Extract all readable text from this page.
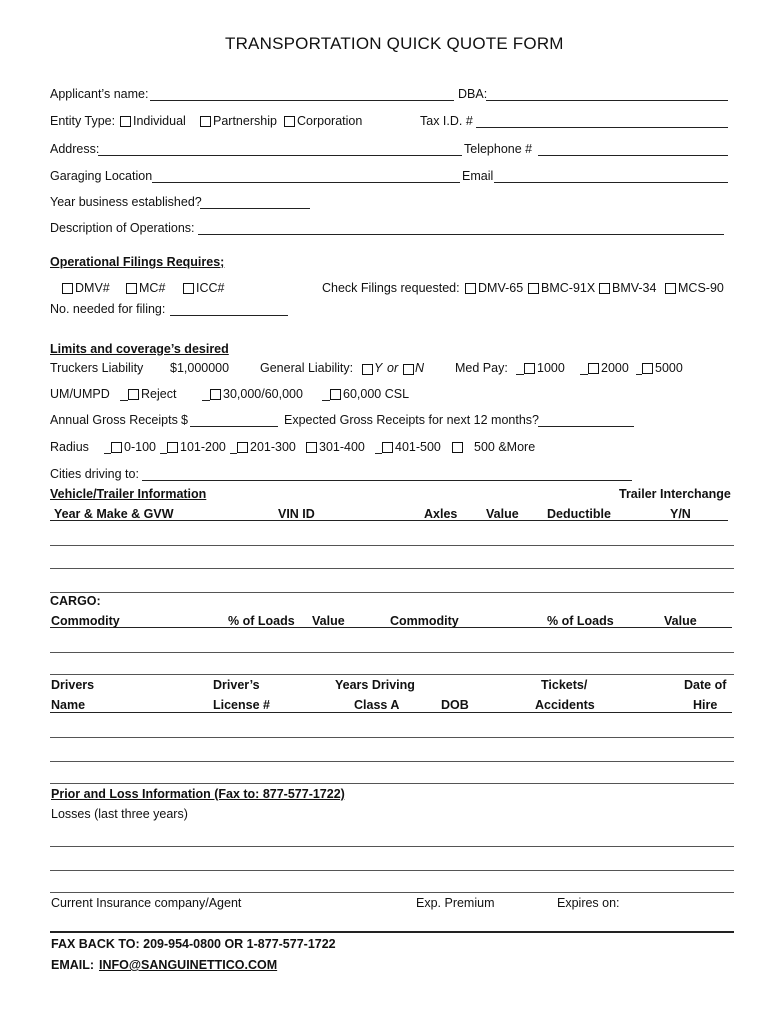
TRANSPORTATION QUICK QUOTE FORM
Applicant’s name:	DBA:
Entity Type: Individual Partnership Corporation	Tax I.D. #
Address:	Telephone #
Garaging Location	Email
Year business established?
Description of Operations:
Operational Filings Requires;
DMV# MC# ICC#	Check Filings requested: DMV-65 BMC-91X BMV-34 MCS-90
No. needed for filing:
Limits and coverage’s desired
Truckers Liability $1,000000 General Liability: Y or N Med Pay: 1000	2000 5000
UM/UMPD	Reject	30,000/60,000	60,000 CSL
Annual Gross Receipts $	Expected Gross Receipts for next 12 months?
Radius	0-100 101-200 201-300 301-400 401-500	500 &More
Cities driving to:
Vehicle/Trailer Information	Trailer Interchange
Year & Make & GVW	VIN ID	Axles Value Deductible	Y/N
CARGO:
Commodity	% of Loads Value	Commodity	% of Loads	Value
Drivers	Driver’s	Years Driving	Tickets/	Date of
Name	License #	Class A	DOB	Accidents	Hire
Prior and Loss Information (Fax to: 877-577-1722)
Losses (last three years)
Current Insurance company/Agent	Exp. Premium	Expires on:
FAX BACK TO: 209-954-0800 OR 1-877-577-1722
EMAIL: INFO@SANGUINETTICO.COM
